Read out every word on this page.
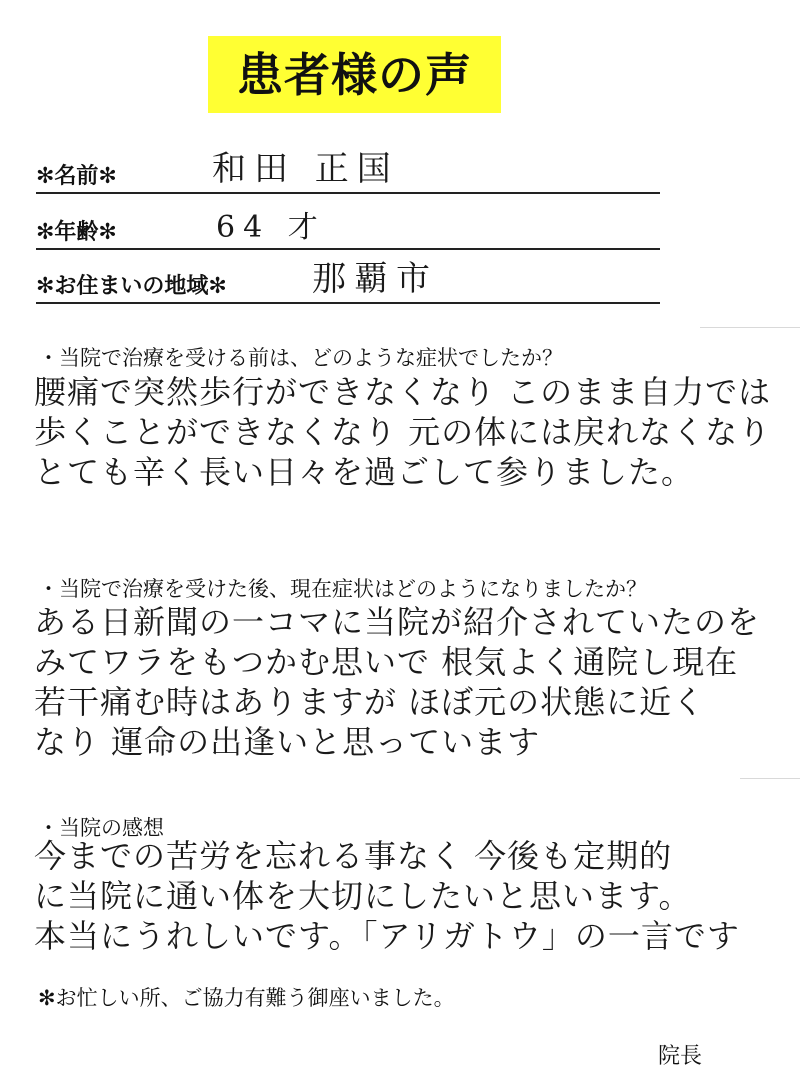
患者様の声
✻名前✻	和田 正国
✻年齢✻	64 才
✻お住まいの地域✻	那覇市
・当院で治療を受ける前は、どのような症状でしたか？
腰痛で突然歩行ができなくなり このまま自力では
歩くことができなくなり 元の体には戻れなくなり
とても辛く長い日々を過ごして参りました。
・当院で治療を受けた後、現在症状はどのようになりましたか？
ある日新聞の一コマに当院が紹介されていたのを
みてワラをもつかむ思いで 根気よく通院し現在
若干痛む時はありますが ほぼ元の状態に近く
なり 運命の出逢いと思っています
・当院の感想
今までの苦労を忘れる事なく 今後も定期的
に当院に通い体を大切にしたいと思います。
本当にうれしいです。「アリガトウ」の一言です
✻お忙しい所、ご協力有難う御座いました。
院長
